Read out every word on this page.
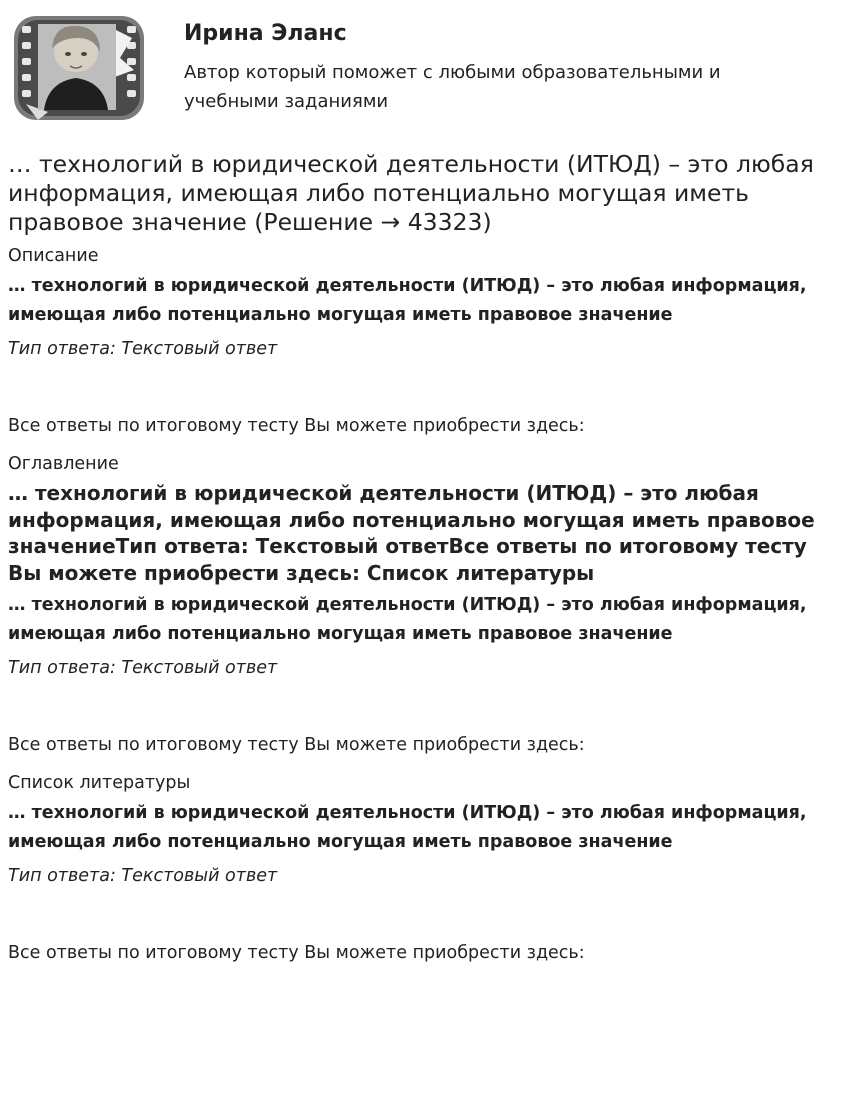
Ирина Эланс

Автор который поможет с любыми образовательными и учебными заданиями

… технологий в юридической деятельности (ИТЮД) – это любая информация, имеющая либо потенциально могущая иметь правовое значение (Решение → 43323)
Описание
… технологий в юридической деятельности (ИТЮД) – это любая информация, имеющая либо потенциально могущая иметь правовое значение

Тип ответа: Текстовый ответ

Все ответы по итоговому тесту Вы можете приобрести здесь:

Оглавление
… технологий в юридической деятельности (ИТЮД) – это любая информация, имеющая либо потенциально могущая иметь правовое значениеТип ответа: Текстовый ответВсе ответы по итоговому тесту Вы можете приобрести здесь: Список литературы
… технологий в юридической деятельности (ИТЮД) – это любая информация, имеющая либо потенциально могущая иметь правовое значение

Тип ответа: Текстовый ответ

Все ответы по итоговому тесту Вы можете приобрести здесь:

Список литературы
… технологий в юридической деятельности (ИТЮД) – это любая информация, имеющая либо потенциально могущая иметь правовое значение

Тип ответа: Текстовый ответ

Все ответы по итоговому тесту Вы можете приобрести здесь:
